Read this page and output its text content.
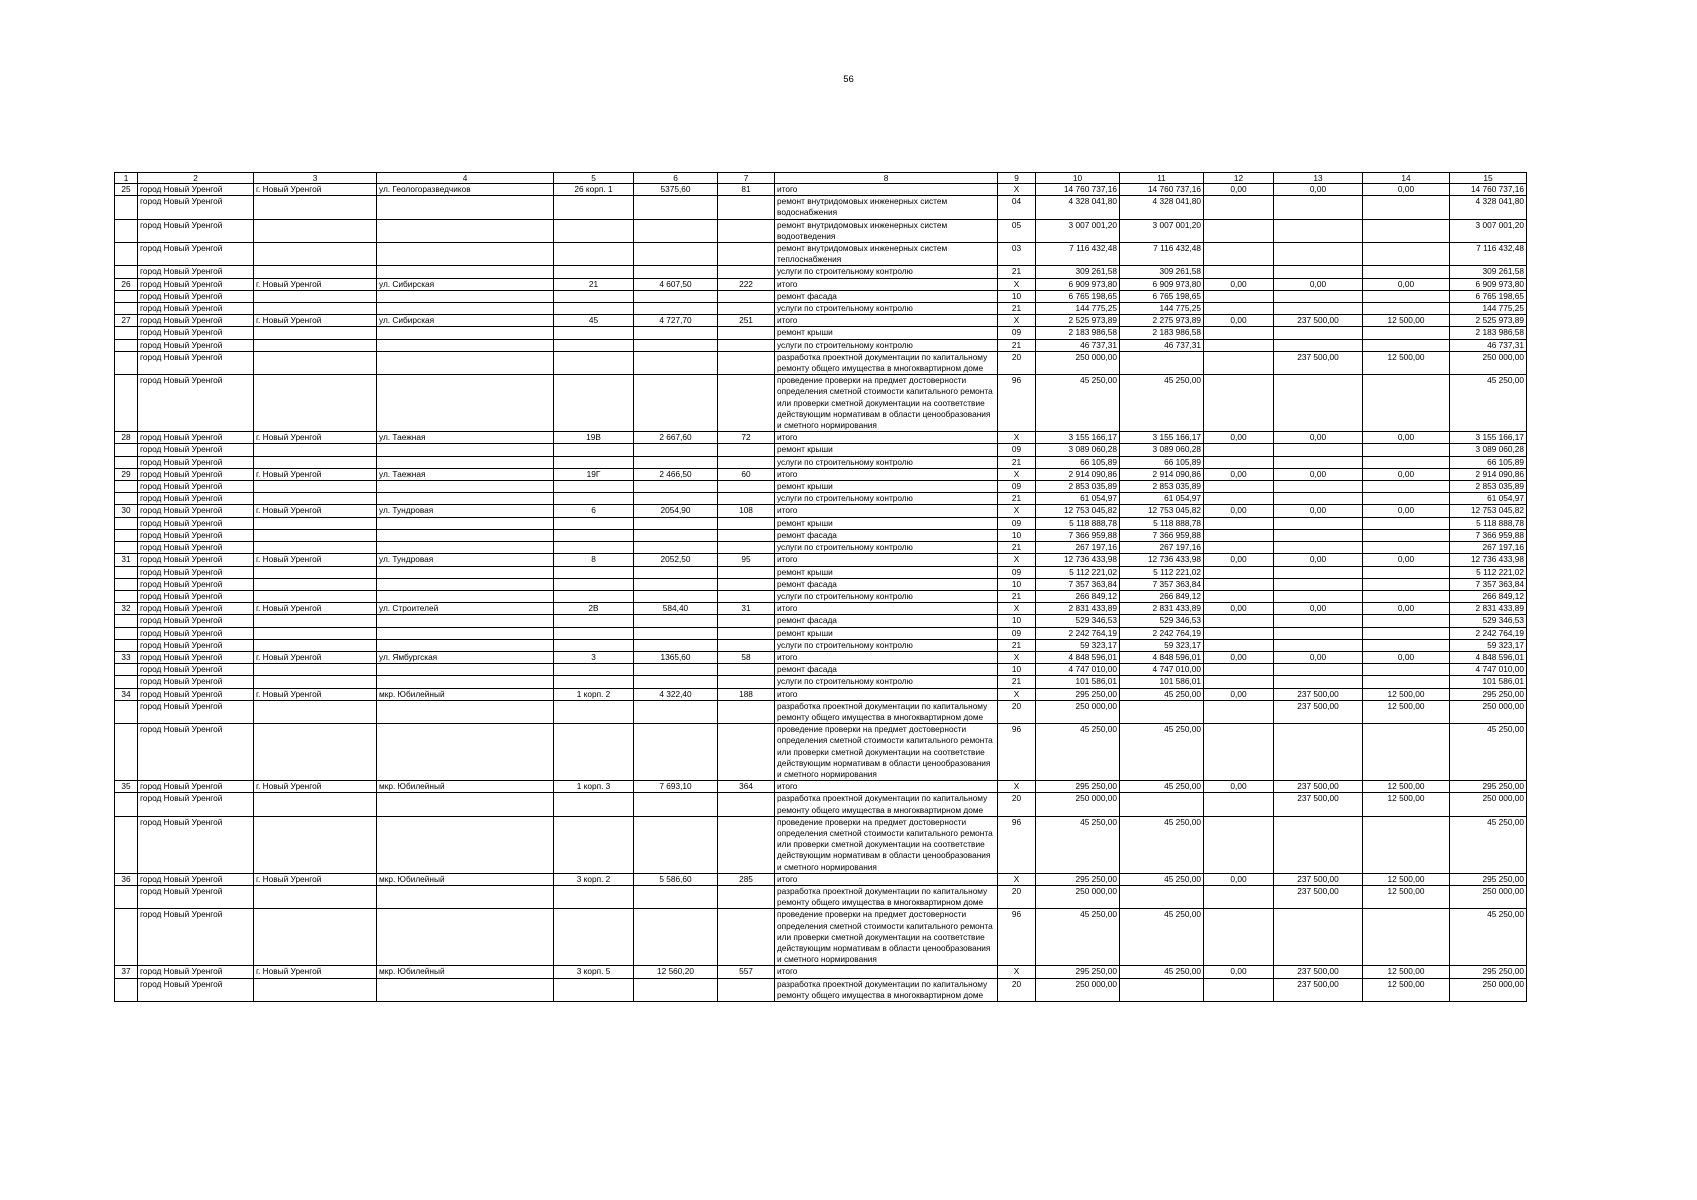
56
1	2	3	4	5	6	7	8	9	10	11	12	13	14	15
25	город Новый Уренгой	г. Новый Уренгой	ул. Геологоразведчиков	26 корп. 1	5375,60	81	итого	X	14 760 737,16	14 760 737,16	0,00	0,00	0,00	14 760 737,16
	город Новый Уренгой						ремонт внутридомовых инженерных систем водоснабжения	04	4 328 041,80	4 328 041,80				4 328 041,80
	город Новый Уренгой						ремонт внутридомовых инженерных систем водоотведения	05	3 007 001,20	3 007 001,20				3 007 001,20
	город Новый Уренгой						ремонт внутридомовых инженерных систем теплоснабжения	03	7 116 432,48	7 116 432,48				7 116 432,48
	город Новый Уренгой						услуги по строительному контролю	21	309 261,58	309 261,58				309 261,58
26	город Новый Уренгой	г. Новый Уренгой	ул. Сибирская	21	4 607,50	222	итого	X	6 909 973,80	6 909 973,80	0,00	0,00	0,00	6 909 973,80
	город Новый Уренгой						ремонт фасада	10	6 765 198,65	6 765 198,65				6 765 198,65
	город Новый Уренгой						услуги по строительному контролю	21	144 775,25	144 775,25				144 775,25
27	город Новый Уренгой	г. Новый Уренгой	ул. Сибирская	45	4 727,70	251	итого	X	2 525 973,89	2 275 973,89	0,00	237 500,00	12 500,00	2 525 973,89
	город Новый Уренгой						ремонт крыши	09	2 183 986,58	2 183 986,58				2 183 986,58
	город Новый Уренгой						услуги по строительному контролю	21	46 737,31	46 737,31				46 737,31
	город Новый Уренгой						разработка проектной документации по капитальному ремонту общего имущества в многоквартирном доме	20	250 000,00			237 500,00	12 500,00	250 000,00
	город Новый Уренгой						проведение проверки на предмет достоверности определения сметной стоимости капитального ремонта или проверки сметной документации на соответствие действующим нормативам в области ценообразования и сметного нормирования	96	45 250,00	45 250,00				45 250,00
28	город Новый Уренгой	г. Новый Уренгой	ул. Таежная	19В	2 667,60	72	итого	X	3 155 166,17	3 155 166,17	0,00	0,00	0,00	3 155 166,17
	город Новый Уренгой						ремонт крыши	09	3 089 060,28	3 089 060,28				3 089 060,28
	город Новый Уренгой						услуги по строительному контролю	21	66 105,89	66 105,89				66 105,89
29	город Новый Уренгой	г. Новый Уренгой	ул. Таежная	19Г	2 466,50	60	итого	X	2 914 090,86	2 914 090,86	0,00	0,00	0,00	2 914 090,86
	город Новый Уренгой						ремонт крыши	09	2 853 035,89	2 853 035,89				2 853 035,89
	город Новый Уренгой						услуги по строительному контролю	21	61 054,97	61 054,97				61 054,97
30	город Новый Уренгой	г. Новый Уренгой	ул. Тундровая	6	2054,90	108	итого	X	12 753 045,82	12 753 045,82	0,00	0,00	0,00	12 753 045,82
	город Новый Уренгой						ремонт крыши	09	5 118 888,78	5 118 888,78				5 118 888,78
	город Новый Уренгой						ремонт фасада	10	7 366 959,88	7 366 959,88				7 366 959,88
	город Новый Уренгой						услуги по строительному контролю	21	267 197,16	267 197,16				267 197,16
31	город Новый Уренгой	г. Новый Уренгой	ул. Тундровая	8	2052,50	95	итого	X	12 736 433,98	12 736 433,98	0,00	0,00	0,00	12 736 433,98
	город Новый Уренгой						ремонт крыши	09	5 112 221,02	5 112 221,02				5 112 221,02
	город Новый Уренгой						ремонт фасада	10	7 357 363,84	7 357 363,84				7 357 363,84
	город Новый Уренгой						услуги по строительному контролю	21	266 849,12	266 849,12				266 849,12
32	город Новый Уренгой	г. Новый Уренгой	ул. Строителей	2В	584,40	31	итого	X	2 831 433,89	2 831 433,89	0,00	0,00	0,00	2 831 433,89
	город Новый Уренгой						ремонт фасада	10	529 346,53	529 346,53				529 346,53
	город Новый Уренгой						ремонт крыши	09	2 242 764,19	2 242 764,19				2 242 764,19
	город Новый Уренгой						услуги по строительному контролю	21	59 323,17	59 323,17				59 323,17
33	город Новый Уренгой	г. Новый Уренгой	ул. Ямбургская	3	1365,60	58	итого	X	4 848 596,01	4 848 596,01	0,00	0,00	0,00	4 848 596,01
	город Новый Уренгой						ремонт фасада	10	4 747 010,00	4 747 010,00				4 747 010,00
	город Новый Уренгой						услуги по строительному контролю	21	101 586,01	101 586,01				101 586,01
34	город Новый Уренгой	г. Новый Уренгой	мкр. Юбилейный	1 корп. 2	4 322,40	188	итого	X	295 250,00	45 250,00	0,00	237 500,00	12 500,00	295 250,00
	город Новый Уренгой						разработка проектной документации по капитальному ремонту общего имущества в многоквартирном доме	20	250 000,00			237 500,00	12 500,00	250 000,00
	город Новый Уренгой						проведение проверки на предмет достоверности определения сметной стоимости капитального ремонта или проверки сметной документации на соответствие действующим нормативам в области ценообразования и сметного нормирования	96	45 250,00	45 250,00				45 250,00
35	город Новый Уренгой	г. Новый Уренгой	мкр. Юбилейный	1 корп. 3	7 693,10	364	итого	X	295 250,00	45 250,00	0,00	237 500,00	12 500,00	295 250,00
	город Новый Уренгой						разработка проектной документации по капитальному ремонту общего имущества в многоквартирном доме	20	250 000,00			237 500,00	12 500,00	250 000,00
	город Новый Уренгой						проведение проверки на предмет достоверности определения сметной стоимости капитального ремонта или проверки сметной документации на соответствие действующим нормативам в области ценообразования и сметного нормирования	96	45 250,00	45 250,00				45 250,00
36	город Новый Уренгой	г. Новый Уренгой	мкр. Юбилейный	3 корп. 2	5 586,60	285	итого	X	295 250,00	45 250,00	0,00	237 500,00	12 500,00	295 250,00
	город Новый Уренгой						разработка проектной документации по капитальному ремонту общего имущества в многоквартирном доме	20	250 000,00			237 500,00	12 500,00	250 000,00
	город Новый Уренгой						проведение проверки на предмет достоверности определения сметной стоимости капитального ремонта или проверки сметной документации на соответствие действующим нормативам в области ценообразования и сметного нормирования	96	45 250,00	45 250,00				45 250,00
37	город Новый Уренгой	г. Новый Уренгой	мкр. Юбилейный	3 корп. 5	12 560,20	557	итого	X	295 250,00	45 250,00	0,00	237 500,00	12 500,00	295 250,00
	город Новый Уренгой						разработка проектной документации по капитальному ремонту общего имущества в многоквартирном доме	20	250 000,00			237 500,00	12 500,00	250 000,00
